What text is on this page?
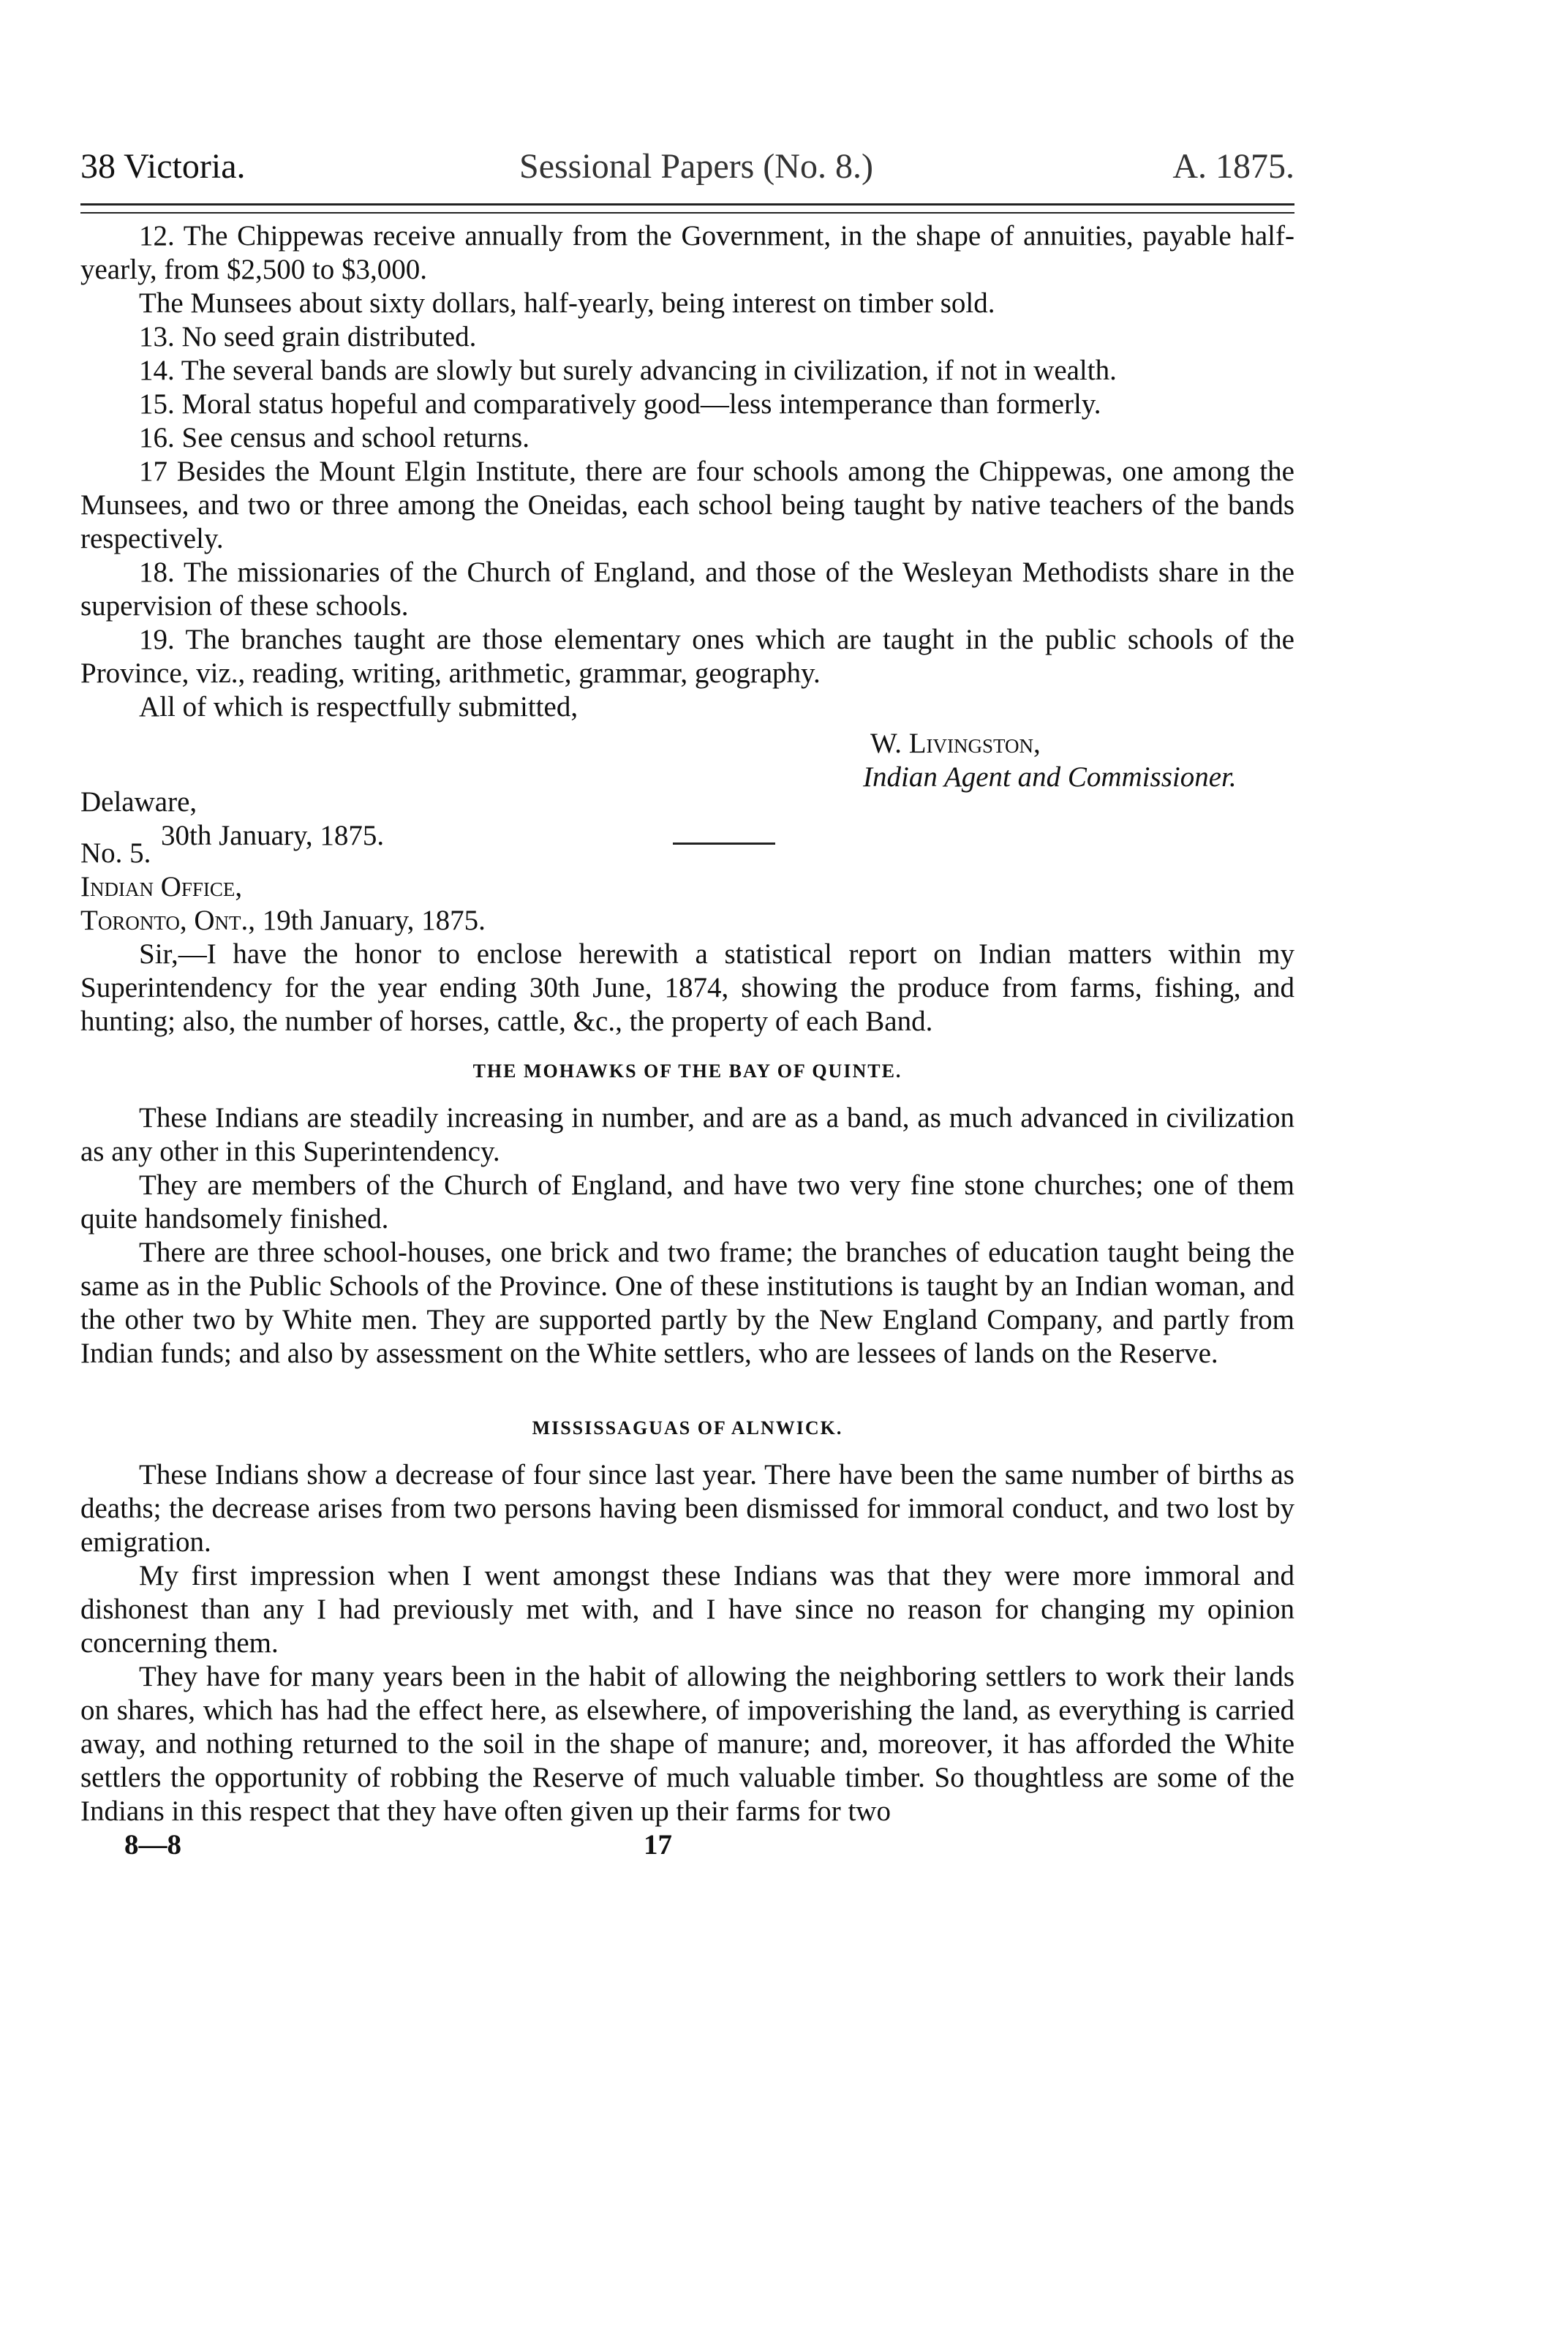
38 Victoria.	Sessional Papers (No. 8.)	A. 1875.

12. The Chippewas receive annually from the Government, in the shape of annuities, payable half-yearly, from $2,500 to $3,000.

The Munsees about sixty dollars, half-yearly, being interest on timber sold.

13. No seed grain distributed.

14. The several bands are slowly but surely advancing in civilization, if not in wealth.

15. Moral status hopeful and comparatively good—less intemperance than formerly.

16. See census and school returns.

17 Besides the Mount Elgin Institute, there are four schools among the Chippewas, one among the Munsees, and two or three among the Oneidas, each school being taught by native teachers of the bands respectively.

18. The missionaries of the Church of England, and those of the Wesleyan Methodists share in the supervision of these schools.

19. The branches taught are those elementary ones which are taught in the public schools of the Province, viz., reading, writing, arithmetic, grammar, geography.

All of which is respectfully submitted,

W. Livingston,
Indian Agent and Commissioner.
Delaware,
30th January, 1875.

No. 5.

Indian Office,

Toronto, Ont., 19th January, 1875.

Sir,—I have the honor to enclose herewith a statistical report on Indian matters within my Superintendency for the year ending 30th June, 1874, showing the produce from farms, fishing, and hunting; also, the number of horses, cattle, &c., the property of each Band.

THE MOHAWKS OF THE BAY OF QUINTE.

These Indians are steadily increasing in number, and are as a band, as much advanced in civilization as any other in this Superintendency.

They are members of the Church of England, and have two very fine stone churches; one of them quite handsomely finished.

There are three school-houses, one brick and two frame; the branches of education taught being the same as in the Public Schools of the Province. One of these institutions is taught by an Indian woman, and the other two by White men. They are supported partly by the New England Company, and partly from Indian funds; and also by assessment on the White settlers, who are lessees of lands on the Reserve.

MISSISSAGUAS OF ALNWICK.

These Indians show a decrease of four since last year. There have been the same number of births as deaths; the decrease arises from two persons having been dismissed for immoral conduct, and two lost by emigration.

My first impression when I went amongst these Indians was that they were more immoral and dishonest than any I had previously met with, and I have since no reason for changing my opinion concerning them.

They have for many years been in the habit of allowing the neighboring settlers to work their lands on shares, which has had the effect here, as elsewhere, of impoverishing the land, as everything is carried away, and nothing returned to the soil in the shape of manure; and, moreover, it has afforded the White settlers the opportunity of robbing the Reserve of much valuable timber. So thoughtless are some of the Indians in this respect that they have often given up their farms for two

8—8	17
